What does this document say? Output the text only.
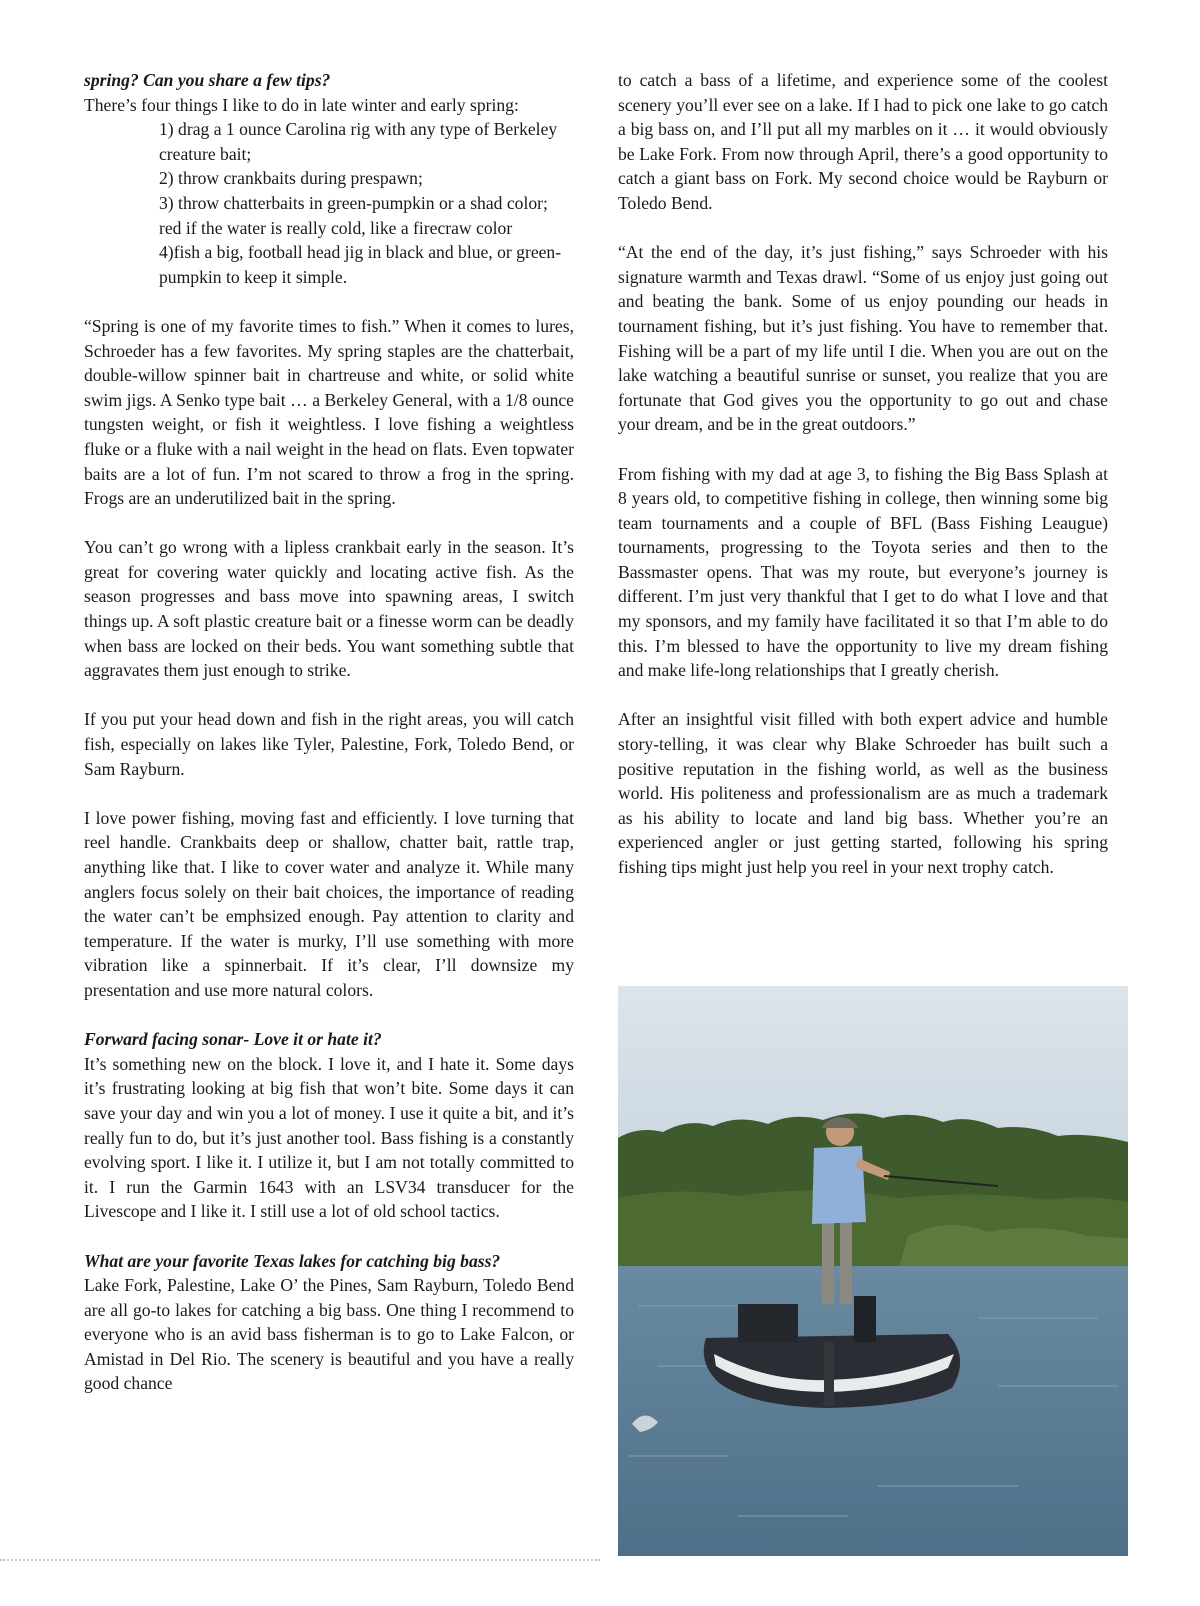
spring? Can you share a few tips?

There’s four things I like to do in late winter and early spring:

1) drag a 1 ounce Carolina rig with any type of Berkeley creature bait;
2) throw crankbaits during prespawn;
3) throw chatterbaits in green-pumpkin or a shad color; red if the water is really cold, like a firecraw color
4)fish a big, football head jig in black and blue, or green-pumpkin to keep it simple.

“Spring is one of my favorite times to fish.” When it comes to lures, Schroeder has a few favorites. My spring staples are the chatterbait, double-willow spinner bait in chartreuse and white, or solid white swim jigs. A Senko type bait … a Berkeley General, with a 1/8 ounce tungsten weight, or fish it weightless. I love fishing a weightless fluke or a fluke with a nail weight in the head on flats. Even topwater baits are a lot of fun. I’m not scared to throw a frog in the spring. Frogs are an underutilized bait in the spring.

You can’t go wrong with a lipless crankbait early in the season. It’s great for covering water quickly and locating active fish. As the season progresses and bass move into spawning areas, I switch things up. A soft plastic creature bait or a finesse worm can be deadly when bass are locked on their beds. You want something subtle that aggravates them just enough to strike.

If you put your head down and fish in the right areas, you will catch fish, especially on lakes like Tyler, Palestine, Fork, Toledo Bend, or Sam Rayburn.

I love power fishing, moving fast and efficiently. I love turning that reel handle. Crankbaits deep or shallow, chatter bait, rattle trap, anything like that. I like to cover water and analyze it. While many anglers focus solely on their bait choices, the importance of reading the water can’t be emphsized enough. Pay attention to clarity and temperature. If the water is murky, I’ll use something with more vibration like a spinnerbait. If it’s clear, I’ll downsize my presentation and use more natural colors.

Forward facing sonar- Love it or hate it?

It’s something new on the block. I love it, and I hate it. Some days it’s frustrating looking at big fish that won’t bite. Some days it can save your day and win you a lot of money. I use it quite a bit, and it’s really fun to do, but it’s just another tool. Bass fishing is a constantly evolving sport. I like it. I utilize it, but I am not totally committed to it. I run the Garmin 1643 with an LSV34 transducer for the Livescope and I like it. I still use a lot of old school tactics.

What are your favorite Texas lakes for catching big bass?

Lake Fork, Palestine, Lake O’ the Pines, Sam Rayburn, Toledo Bend are all go-to lakes for catching a big bass. One thing I recommend to everyone who is an avid bass fisherman is to go to Lake Falcon, or Amistad in Del Rio. The scenery is beautiful and you have a really good chance

to catch a bass of a lifetime, and experience some of the coolest scenery you’ll ever see on a lake. If I had to pick one lake to go catch a big bass on, and I’ll put all my marbles on it … it would obviously be Lake Fork. From now through April, there’s a good opportunity to catch a giant bass on Fork. My second choice would be Rayburn or Toledo Bend.

“At the end of the day, it’s just fishing,” says Schroeder with his signature warmth and Texas drawl. “Some of us enjoy just going out and beating the bank. Some of us enjoy pounding our heads in tournament fishing, but it’s just fishing. You have to remember that. Fishing will be a part of my life until I die. When you are out on the lake watching a beautiful sunrise or sunset, you realize that you are fortunate that God gives you the opportunity to go out and chase your dream, and be in the great outdoors.”

From fishing with my dad at age 3, to fishing the Big Bass Splash at 8 years old, to competitive fishing in college, then winning some big team tournaments and a couple of BFL (Bass Fishing Leaugue) tournaments, progressing to the Toyota series and then to the Bassmaster opens. That was my route, but everyone’s journey is different. I’m just very thankful that I get to do what I love and that my sponsors, and my family have facilitated it so that I’m able to do this. I’m blessed to have the opportunity to live my dream fishing and make life-long relationships that I greatly cherish.

After an insightful visit filled with both expert advice and humble story-telling, it was clear why Blake Schroeder has built such a positive reputation in the fishing world, as well as the business world. His politeness and professionalism are as much a trademark as his ability to locate and land big bass. Whether you’re an experienced angler or just getting started, following his spring fishing tips might just help you reel in your next trophy catch.
